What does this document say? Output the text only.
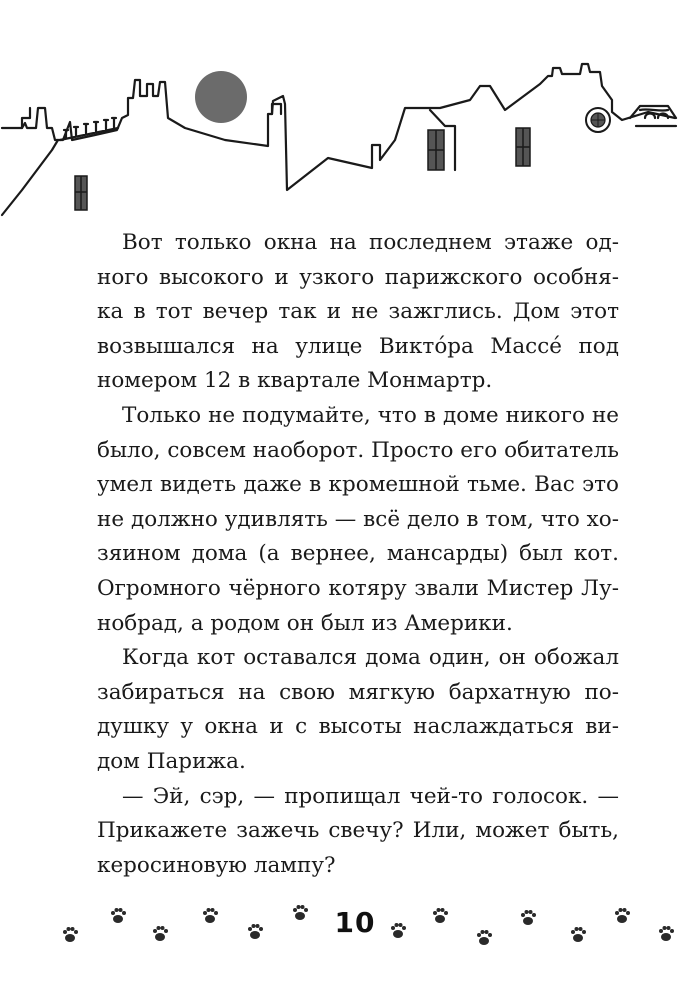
Вот только окна на последнем этаже одного высокого и узкого парижского особняка в тот вечер так и не зажглись. Дом этот возвышался на улице Викто́ра Массе́ под номером 12 в квартале Монмартр.

Только не подумайте, что в доме никого не было, совсем наоборот. Просто его обитатель умел видеть даже в кромешной тьме. Вас это не должно удивлять — всё дело в том, что хозяином дома (а вернее, мансарды) был кот. Огромного чёрного котяру звали Мистер Лунобрад, а родом он был из Америки.

Когда кот оставался дома один, он обожал забираться на свою мягкую бархатную подушку у окна и с высоты наслаждаться видом Парижа.

— Эй, сэр, — пропищал чей-то голосок. — Прикажете зажечь свечу? Или, может быть, керосиновую лампу?

10
